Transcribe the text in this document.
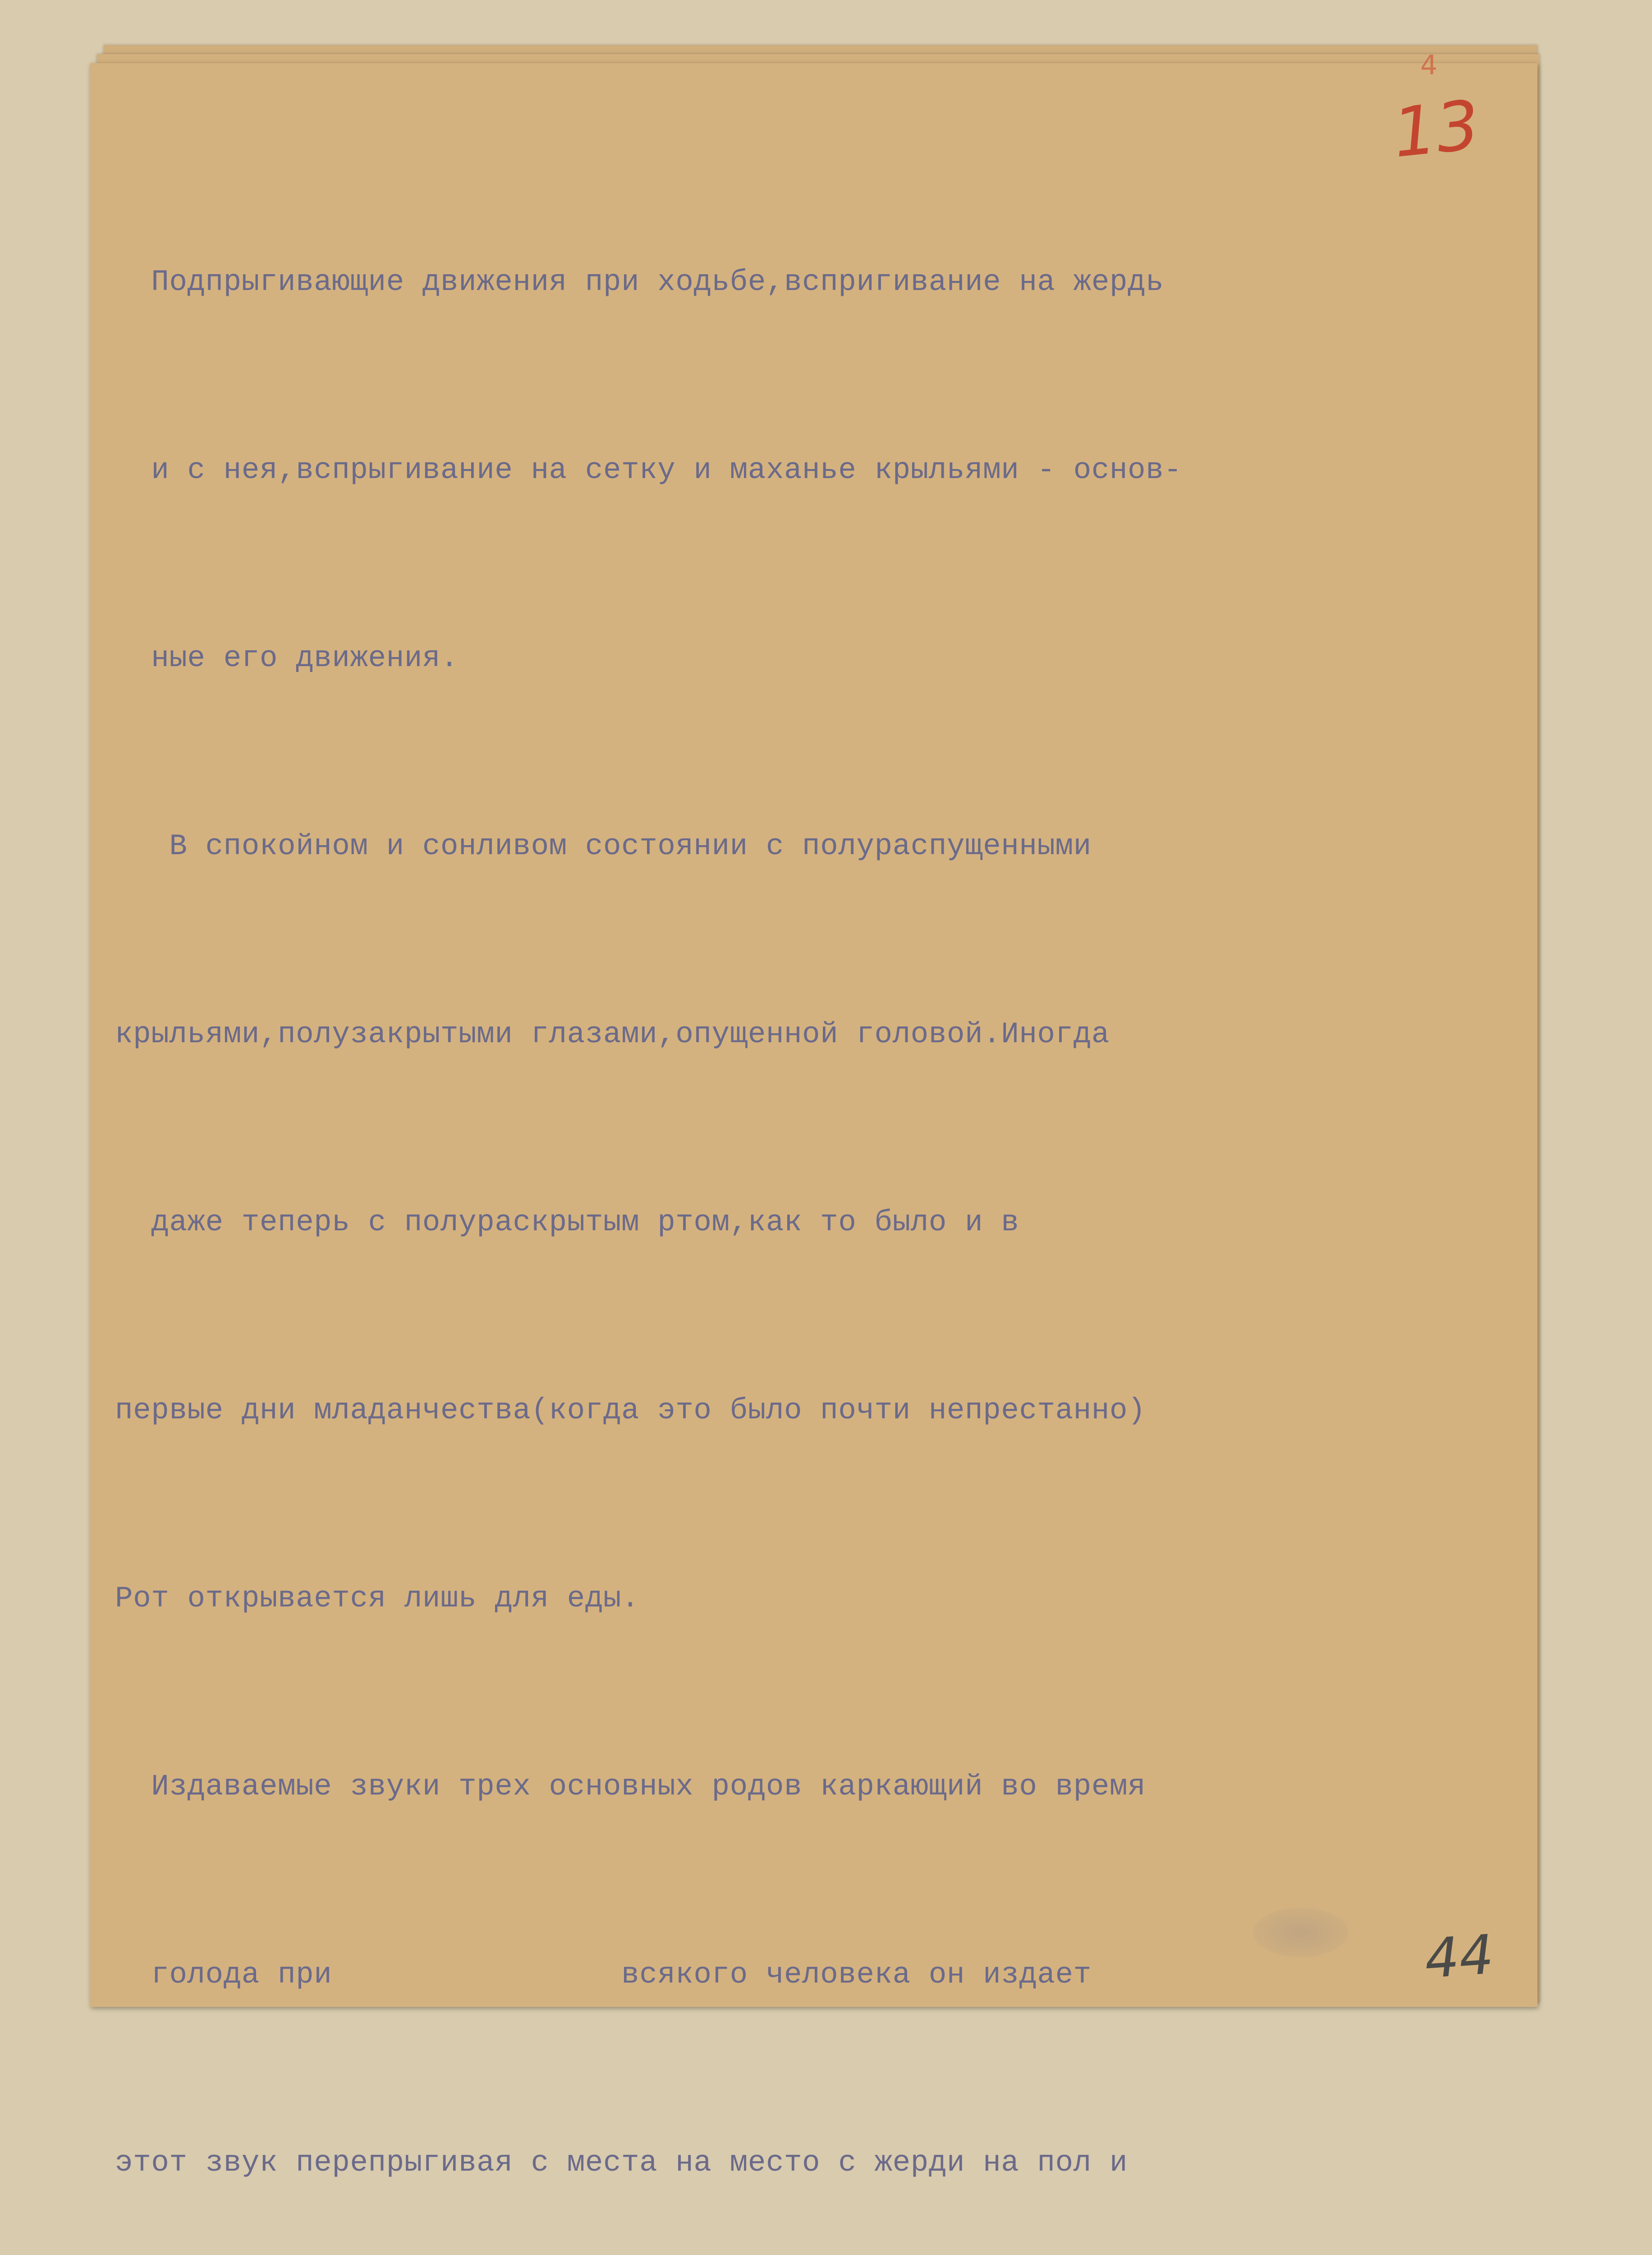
4
13

Подпрыгивающие движения при ходьбе,вспригивание на жердь

и с нея,вспрыгивание на сетку и маханье крыльями - основ-

ные его движения.

В спокойном и сонливом состоянии с полураспущенными

крыльями,полузакрытыми глазами,опущенной головой.Иногда

даже теперь с полураскрытым ртом,как то было и в

первые дни младанчества(когда это было почти непрестанно)

Рот открывается лишь для еды.

Издаваемые звуки трех основных родов каркающий во время

голода при                всякого человека он издает

этот звук перепрыгивая с места на место с жерди на пол и

44
